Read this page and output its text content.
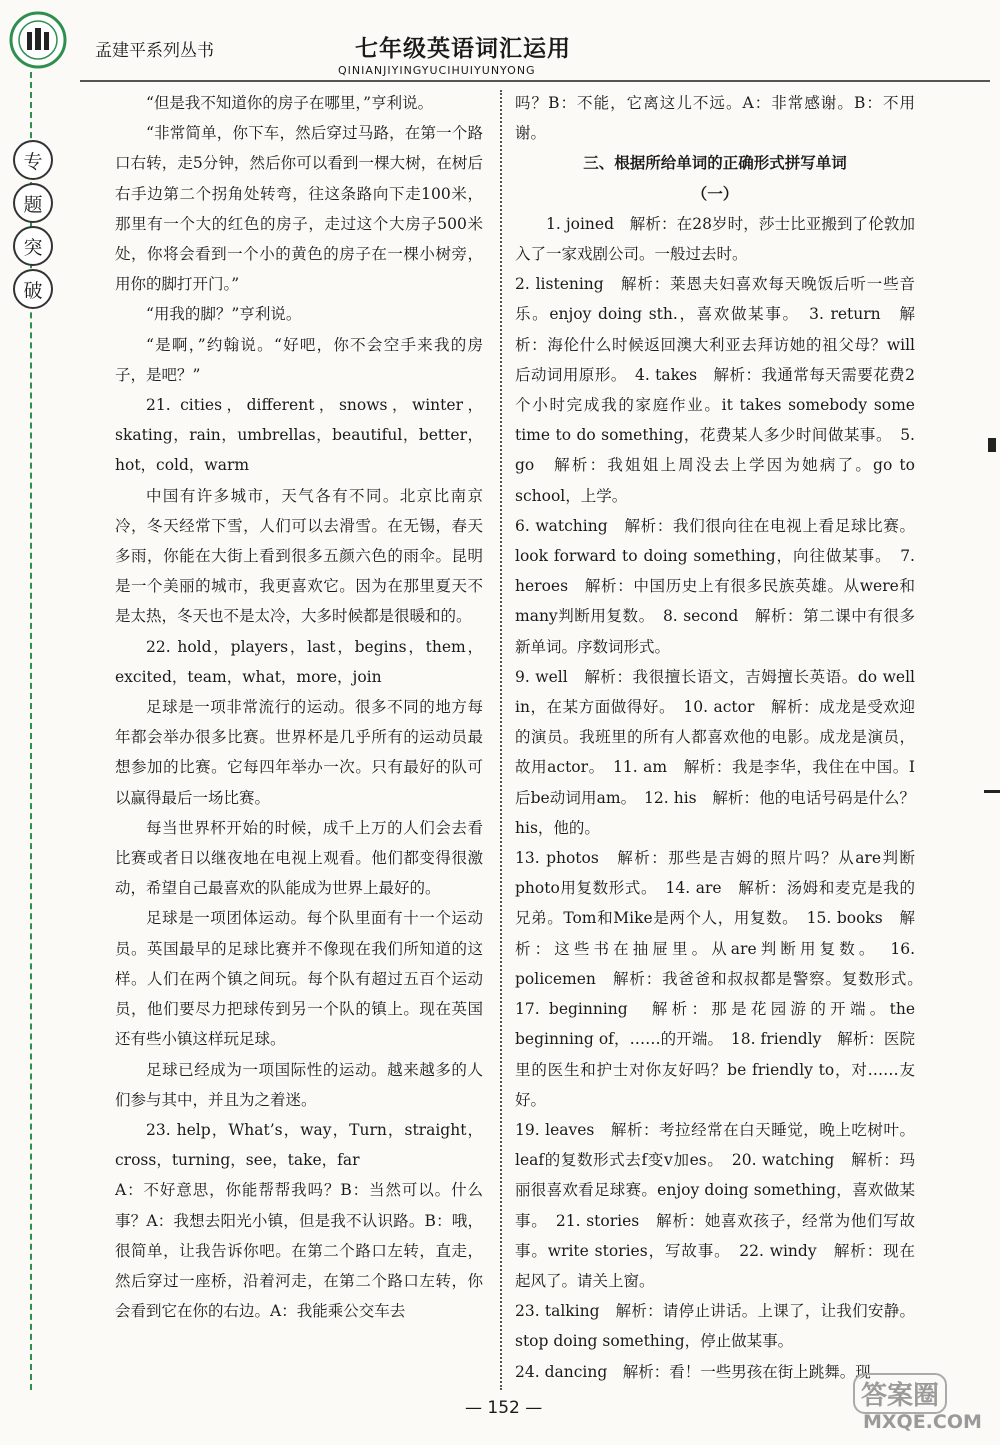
孟建平系列丛书	七年级英语词汇运用
QINIANJIYINGYUCIHUIYUNYONG
专
题
突
破

“但是我不知道你的房子在哪里，”亨利说。

“非常简单，你下车，然后穿过马路，在第一个路口右转，走5分钟，然后你可以看到一棵大树，在树后右手边第二个拐角处转弯，往这条路向下走100米，那里有一个大的红色的房子，走过这个大房子500米处，你将会看到一个小的黄色的房子在一棵小树旁，用你的脚打开门。”

“用我的脚？”亨利说。

“是啊，”约翰说。“好吧，你不会空手来我的房子，是吧？”

21. cities，different，snows，winter，skating，rain，umbrellas，beautiful，better，hot，cold，warm

中国有许多城市，天气各有不同。北京比南京冷，冬天经常下雪，人们可以去滑雪。在无锡，春天多雨，你能在大街上看到很多五颜六色的雨伞。昆明是一个美丽的城市，我更喜欢它。因为在那里夏天不是太热，冬天也不是太冷，大多时候都是很暖和的。

22. hold，players，last，begins，them，excited，team，what，more，join

足球是一项非常流行的运动。很多不同的地方每年都会举办很多比赛。世界杯是几乎所有的运动员最想参加的比赛。它每四年举办一次。只有最好的队可以赢得最后一场比赛。

每当世界杯开始的时候，成千上万的人们会去看比赛或者日以继夜地在电视上观看。他们都变得很激动，希望自己最喜欢的队能成为世界上最好的。

足球是一项团体运动。每个队里面有十一个运动员。英国最早的足球比赛并不像现在我们所知道的这样。人们在两个镇之间玩。每个队有超过五百个运动员，他们要尽力把球传到另一个队的镇上。现在英国还有些小镇这样玩足球。

足球已经成为一项国际性的运动。越来越多的人们参与其中，并且为之着迷。

23. help，What’s，way，Turn，straight，cross，turning，see，take，far

A：不好意思，你能帮帮我吗？B：当然可以。什么事？A：我想去阳光小镇，但是我不认识路。B：哦，很简单，让我告诉你吧。在第二个路口左转，直走，然后穿过一座桥，沿着河走，在第二个路口左转，你会看到它在你的右边。A：我能乘公交车去

吗？B：不能，它离这儿不远。A：非常感谢。B：不用谢。

三、根据所给单词的正确形式拼写单词

（一）

1. joined　解析：在28岁时，莎士比亚搬到了伦敦加入了一家戏剧公司。一般过去时。

2. listening　解析：莱恩夫妇喜欢每天晚饭后听一些音乐。enjoy doing sth.，喜欢做某事。　3. return　解析：海伦什么时候返回澳大利亚去拜访她的祖父母？will后动词用原形。　4. takes　解析：我通常每天需要花费2个小时完成我的家庭作业。it takes somebody some time to do something，花费某人多少时间做某事。　5. go　解析：我姐姐上周没去上学因为她病了。go to school，上学。

6. watching　解析：我们很向往在电视上看足球比赛。look forward to doing something，向往做某事。　7. heroes　解析：中国历史上有很多民族英雄。从were和many判断用复数。　8. second　解析：第二课中有很多新单词。序数词形式。

9. well　解析：我很擅长语文，吉姆擅长英语。do well in，在某方面做得好。　10. actor　解析：成龙是受欢迎的演员。我班里的所有人都喜欢他的电影。成龙是演员，故用actor。　11. am　解析：我是李华，我住在中国。I后be动词用am。　12. his　解析：他的电话号码是什么？his，他的。

13. photos　解析：那些是吉姆的照片吗？从are判断photo用复数形式。　14. are　解析：汤姆和麦克是我的兄弟。Tom和Mike是两个人，用复数。　15. books　解析：这些书在抽屉里。从are判断用复数。　16. policemen　解析：我爸爸和叔叔都是警察。复数形式。　17. beginning　解析：那是花园游的开端。the beginning of，……的开端。　18. friendly　解析：医院里的医生和护士对你友好吗？be friendly to，对……友好。

19. leaves　解析：考拉经常在白天睡觉，晚上吃树叶。leaf的复数形式去f变v加es。　20. watching　解析：玛丽很喜欢看足球赛。enjoy doing something，喜欢做某事。　21. stories　解析：她喜欢孩子，经常为他们写故事。write stories，写故事。　22. windy　解析：现在起风了。请关上窗。

23. talking　解析：请停止讲话。上课了，让我们安静。stop doing something，停止做某事。

24. dancing　解析：看！一些男孩在街上跳舞。现

— 152 —	答案圈
MXQE.COM
